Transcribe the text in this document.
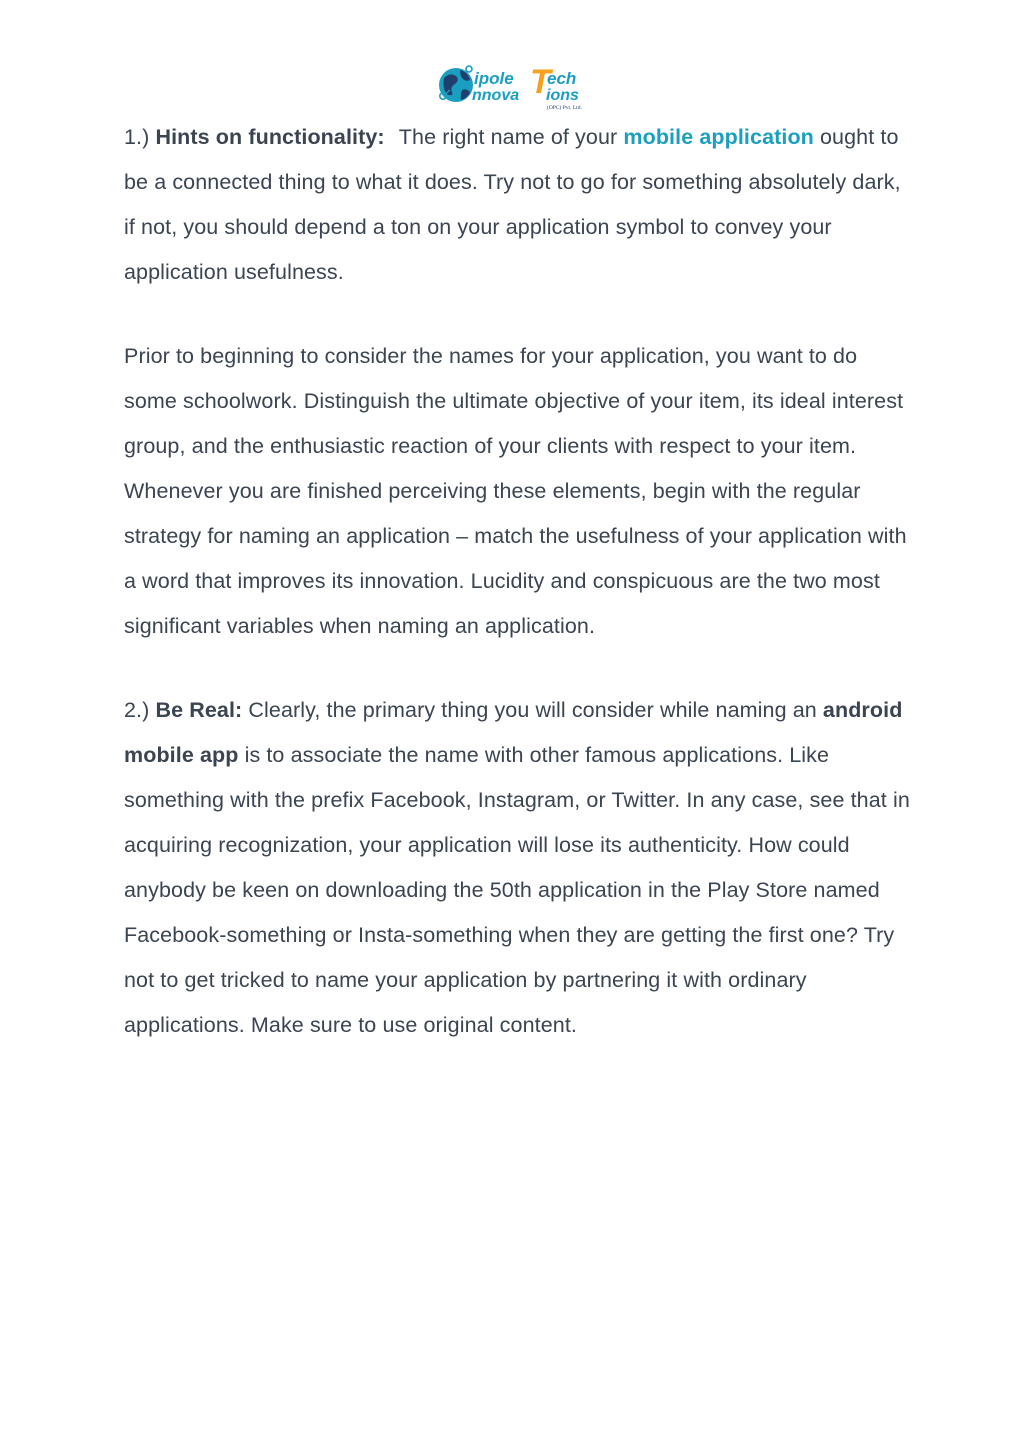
T
ipole ech
nnova ions
(OPC) Pvt. Ltd.

1.) Hints on functionality: The right name of your mobile application ought to be a connected thing to what it does. Try not to go for something absolutely dark, if not, you should depend a ton on your application symbol to convey your application usefulness.

Prior to beginning to consider the names for your application, you want to do some schoolwork. Distinguish the ultimate objective of your item, its ideal interest group, and the enthusiastic reaction of your clients with respect to your item. Whenever you are finished perceiving these elements, begin with the regular strategy for naming an application – match the usefulness of your application with a word that improves its innovation. Lucidity and conspicuous are the two most significant variables when naming an application.

2.) Be Real: Clearly, the primary thing you will consider while naming an android mobile app is to associate the name with other famous applications. Like something with the prefix Facebook, Instagram, or Twitter. In any case, see that in acquiring recognization, your application will lose its authenticity. How could anybody be keen on downloading the 50th application in the Play Store named Facebook-something or Insta-something when they are getting the first one? Try not to get tricked to name your application by partnering it with ordinary applications. Make sure to use original content.
